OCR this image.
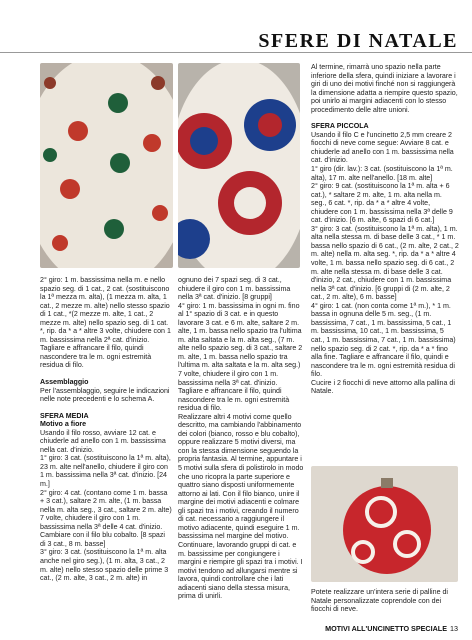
SFERE DI NATALE

2° giro: 1 m. bassissima nella m. e nello spazio seg. di 1 cat., 2 cat. (sostituiscono la 1ª mezza m. alta), (1 mezza m. alta, 1 cat., 2 mezze m. alte) nello stesso spazio di 1 cat., *(2 mezze m. alte, 1 cat., 2 mezze m. alte) nello spazio seg. di 1 cat. *, rip. da * a * altre 3 volte, chiudere con 1 m. bassissima nella 2ª cat. d'inizio. Tagliare e affrancare il filo, quindi nascondere tra le m. ogni estremità residua di filo.

Assemblaggio

Per l'assemblaggio, seguire le indicazioni nelle note precedenti e lo schema A.

SFERA MEDIA
Motivo a fiore

Usando il filo rosso, avviare 12 cat. e chiuderle ad anello con 1 m. bassissima nella cat. d'inizio.

1° giro: 3 cat. (sostituiscono la 1ª m. alta), 23 m. alte nell'anello, chiudere il giro con 1 m. bassissima nella 3ª cat. d'inizio. [24 m.]

2° giro: 4 cat. (contano come 1 m. bassa + 3 cat.), saltare 2 m. alte, (1 m. bassa nella m. alta seg., 3 cat., saltare 2 m. alte) 7 volte, chiudere il giro con 1 m. bassissima nella 3ª delle 4 cat. d'inizio. Cambiare con il filo blu cobalto. [8 spazi di 3 cat., 8 m. basse]

3° giro: 3 cat. (sostituiscono la 1ª m. alta anche nel giro seg.), (1 m. alta, 3 cat., 2 m. alte) nello stesso spazio delle prime 3 cat., (2 m. alte, 3 cat., 2 m. alte) in

ognuno dei 7 spazi seg. di 3 cat., chiudere il giro con 1 m. bassissima nella 3ª cat. d'inizio. [8 gruppi]

4° giro: 1 m. bassissima in ogni m. fino al 1° spazio di 3 cat. e in questo lavorare 3 cat. e 6 m. alte, saltare 2 m. alte, 1 m. bassa nello spazio tra l'ultima m. alta saltata e la m. alta seg., (7 m. alte nello spazio seg. di 3 cat., saltare 2 m. alte, 1 m. bassa nello spazio tra l'ultima m. alta saltata e la m. alta seg.) 7 volte, chiudere il giro con 1 m. bassissima nella 3ª cat. d'inizio. Tagliare e affrancare il filo, quindi nascondere tra le m. ogni estremità residua di filo.

Realizzare altri 4 motivi come quello descritto, ma cambiando l'abbinamento dei colori (bianco, rosso e blu cobalto), oppure realizzare 5 motivi diversi, ma con la stessa dimensione seguendo la propria fantasia. Al termine, appuntare i 5 motivi sulla sfera di polistirolo in modo che uno ricopra la parte superiore e quattro siano disposti uniformemente attorno ai lati. Con il filo bianco, unire il margine dei motivi adiacenti e colmare gli spazi tra i motivi, creando il numero di cat. necessario a raggiungere il motivo adiacente, quindi eseguire 1 m. bassissima nel margine del motivo. Continuare, lavorando gruppi di cat. e m. bassissime per congiungere i margini e riempire gli spazi tra i motivi. I motivi tendono ad allungarsi mentre si lavora, quindi controllare che i lati adiacenti siano della stessa misura, prima di unirli.

Al termine, rimarrà uno spazio nella parte inferiore della sfera, quindi iniziare a lavorare i giri di uno dei motivi finché non si raggiungerà la dimensione adatta a riempire questo spazio, poi unirlo ai margini adiacenti con lo stesso procedimento delle altre unioni.

SFERA PICCOLA

Usando il filo C e l'uncinetto 2,5 mm creare 2 fiocchi di neve come segue: Avviare 8 cat. e chiuderle ad anello con 1 m. bassissima nella cat. d'inizio.

1° giro (dir. lav.): 3 cat. (sostituiscono la 1ª m. alta), 17 m. alte nell'anello. [18 m. alte]

2° giro: 9 cat. (sostituiscono la 1ª m. alta + 6 cat.), * saltare 2 m. alte, 1 m. alta nella m. seg., 6 cat. *, rip. da * a * altre 4 volte, chiudere con 1 m. bassissima nella 3ª delle 9 cat. d'inizio. [6 m. alte, 6 spazi di 6 cat.]

3° giro: 3 cat. (sostituiscono la 1ª m. alta), 1 m. alta nella stessa m. di base delle 3 cat., * 1 m. bassa nello spazio di 6 cat., (2 m. alte, 2 cat., 2 m. alte) nella m. alta seg. *, rip. da * a * altre 4 volte, 1 m. bassa nello spazio seg. di 6 cat., 2 m. alte nella stessa m. di base delle 3 cat. d'inizio, 2 cat., chiudere con 1 m. bassissima nella 3ª cat. d'inizio. [6 gruppi di (2 m. alte, 2 cat., 2 m. alte), 6 m. basse]

4° giro: 1 cat. (non conta come 1ª m.), * 1 m. bassa in ognuna delle 5 m. seg., (1 m. bassissima, 7 cat., 1 m. bassissima, 5 cat., 1 m. bassissima, 10 cat., 1 m. bassissima, 5 cat., 1 m. bassissima, 7 cat., 1 m. bassissima) nello spazio seg. di 2 cat. *, rip. da * a * fino alla fine. Tagliare e affrancare il filo, quindi e nascondere tra le m. ogni estremità residua di filo.

Cucire i 2 fiocchi di neve attorno alla pallina di Natale.

Potete realizzare un'intera serie di palline di Natale personalizzate coprendole con dei fiocchi di neve.
MOTIVI ALL'UNCINETTO SPECIALE 13
